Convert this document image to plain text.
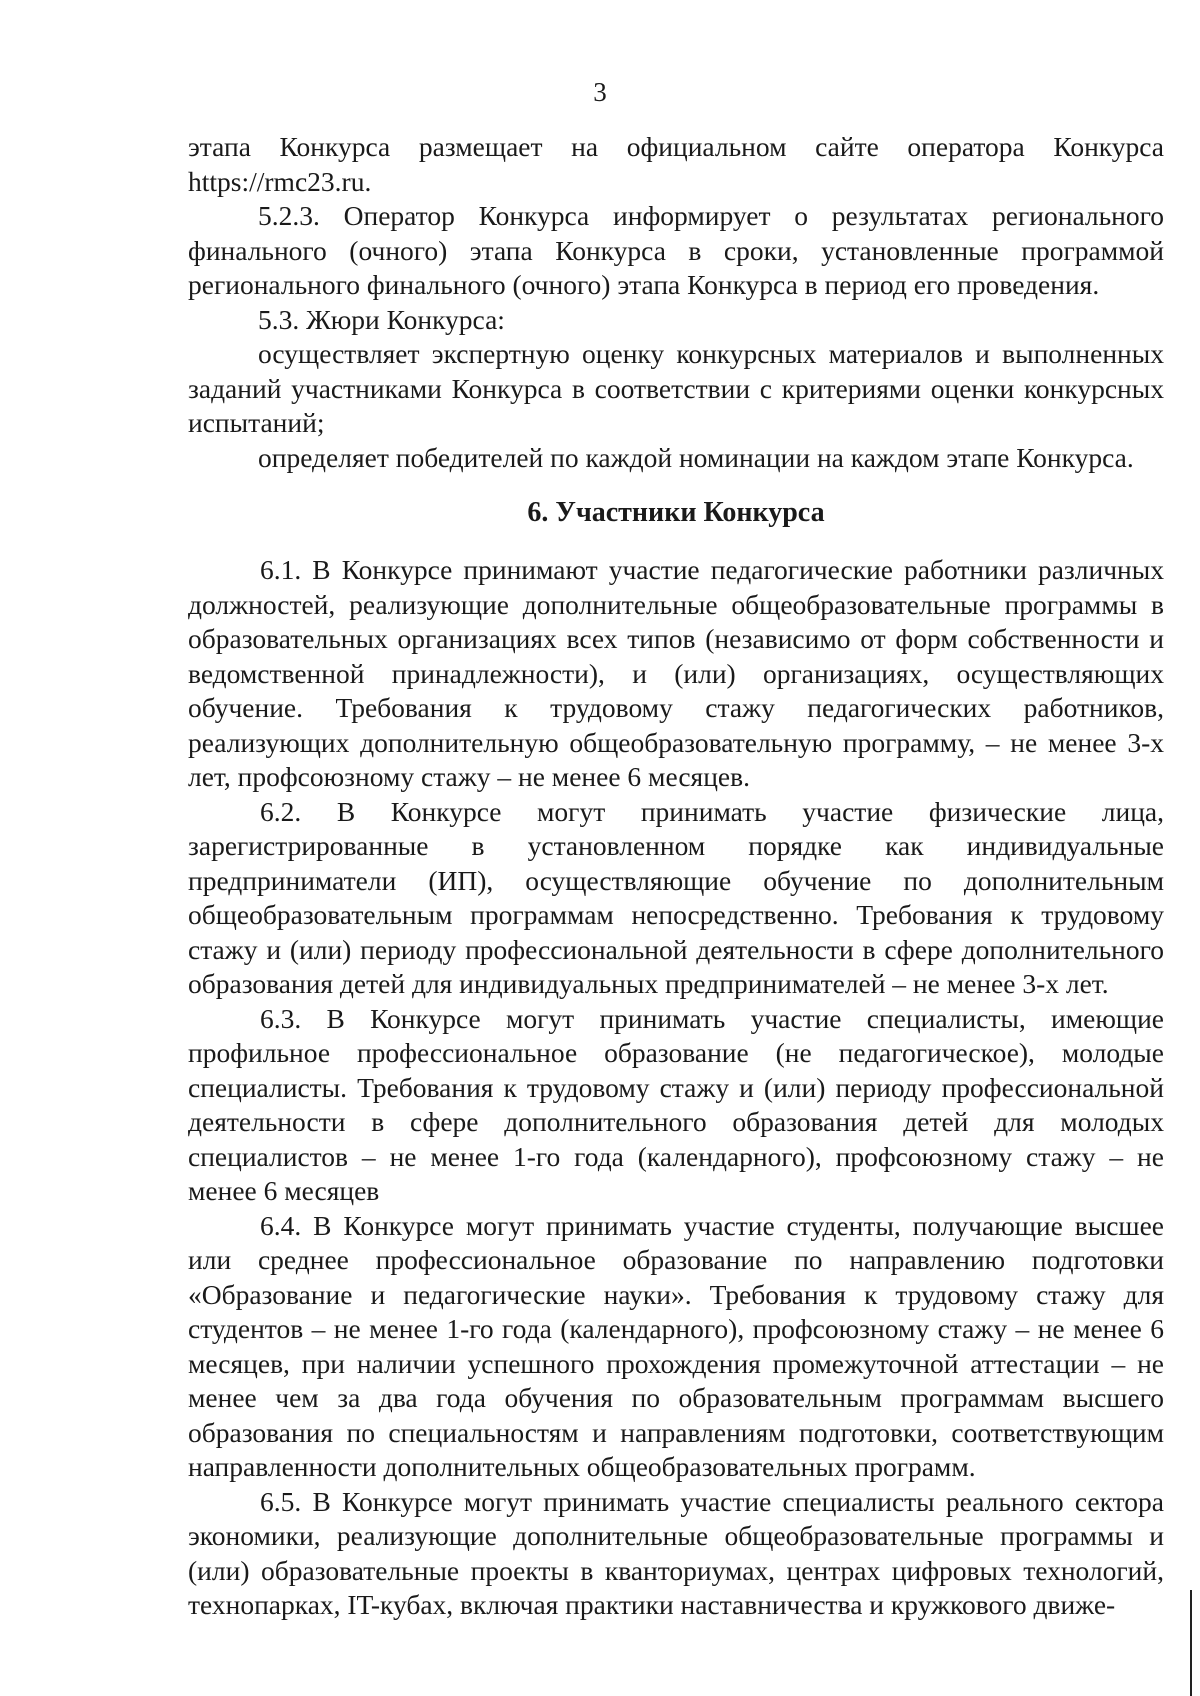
3

этапа Конкурса размещает на официальном сайте оператора Конкурса https://rmc23.ru.

5.2.3. Оператор Конкурса информирует о результатах регионального финального (очного) этапа Конкурса в сроки, установленные программой регионального финального (очного) этапа Конкурса в период его проведения.

5.3. Жюри Конкурса:

осуществляет экспертную оценку конкурсных материалов и выполненных заданий участниками Конкурса в соответствии с критериями оценки конкурсных испытаний;

определяет победителей по каждой номинации на каждом этапе Конкурса.

6. Участники Конкурса

6.1. В Конкурсе принимают участие педагогические работники различных должностей, реализующие дополнительные общеобразовательные программы в образовательных организациях всех типов (независимо от форм собственности и ведомственной принадлежности), и (или) организациях, осуществляющих обучение. Требования к трудовому стажу педагогических работников, реализующих дополнительную общеобразовательную программу, – не менее 3-х лет, профсоюзному стажу – не менее 6 месяцев.

6.2. В Конкурсе могут принимать участие физические лица, зарегистрированные в установленном порядке как индивидуальные предприниматели (ИП), осуществляющие обучение по дополнительным общеобразовательным программам непосредственно. Требования к трудовому стажу и (или) периоду профессиональной деятельности в сфере дополнительного образования детей для индивидуальных предпринимателей – не менее 3-х лет.

6.3. В Конкурсе могут принимать участие специалисты, имеющие профильное профессиональное образование (не педагогическое), молодые специалисты. Требования к трудовому стажу и (или) периоду профессиональной деятельности в сфере дополнительного образования детей для молодых специалистов – не менее 1-го года (календарного), профсоюзному стажу – не менее 6 месяцев

6.4. В Конкурсе могут принимать участие студенты, получающие высшее или среднее профессиональное образование по направлению подготовки «Образование и педагогические науки». Требования к трудовому стажу для студентов – не менее 1-го года (календарного), профсоюзному стажу – не менее 6 месяцев, при наличии успешного прохождения промежуточной аттестации – не менее чем за два года обучения по образовательным программам высшего образования по специальностям и направлениям подготовки, соответствующим направленности дополнительных общеобразовательных программ.

6.5. В Конкурсе могут принимать участие специалисты реального сектора экономики, реализующие дополнительные общеобразовательные программы и (или) образовательные проекты в кванториумах, центрах цифровых технологий, технопарках, IT-кубах, включая практики наставничества и кружкового движе-
